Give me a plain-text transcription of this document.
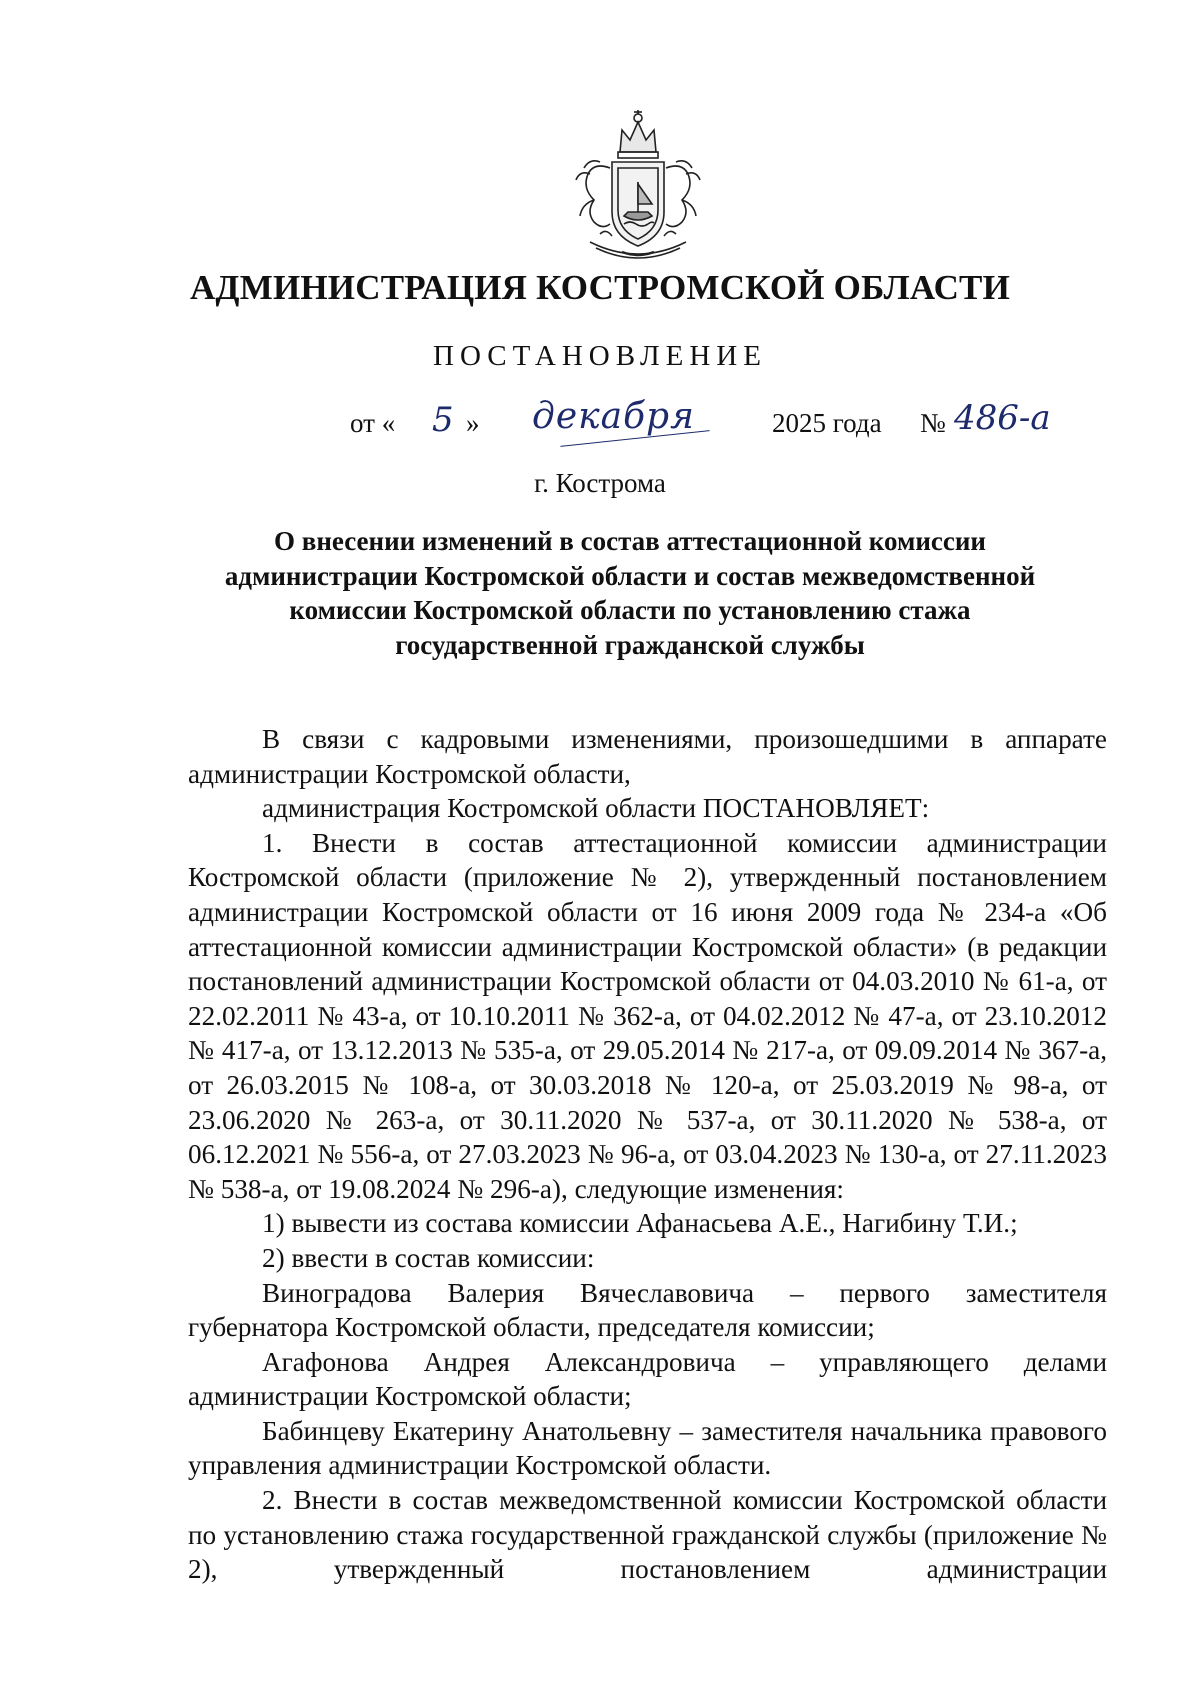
АДМИНИСТРАЦИЯ КОСТРОМСКОЙ ОБЛАСТИ
ПОСТАНОВЛЕНИЕ
от « 5 » декабря	2025 года № 486-а
г. Кострома
О внесении изменений в состав аттестационной комиссии
администрации Костромской области и состав межведомственной
комиссии Костромской области по установлению стажа
государственной гражданской службы

В связи с кадровыми изменениями, произошедшими в аппарате администрации Костромской области,

администрация Костромской области ПОСТАНОВЛЯЕТ:

1. Внести в состав аттестационной комиссии администрации Костромской области (приложение № 2), утвержденный постановлением администрации Костромской области от 16 июня 2009 года № 234-а «Об аттестационной комиссии администрации Костромской области» (в редакции постановлений администрации Костромской области от 04.03.2010 № 61-а, от 22.02.2011 № 43-а, от 10.10.2011 № 362-а, от 04.02.2012 № 47-а, от 23.10.2012 № 417-а, от 13.12.2013 № 535-а, от 29.05.2014 № 217-а, от 09.09.2014 № 367-а, от 26.03.2015 № 108-а, от 30.03.2018 № 120-а, от 25.03.2019 № 98-а, от 23.06.2020 № 263-а, от 30.11.2020 № 537-а, от 30.11.2020 № 538-а, от 06.12.2021 № 556-а, от 27.03.2023 № 96-а, от 03.04.2023 № 130-а, от 27.11.2023 № 538-а, от 19.08.2024 № 296-а), следующие изменения:

1) вывести из состава комиссии Афанасьева А.Е., Нагибину Т.И.;

2) ввести в состав комиссии:

Виноградова Валерия Вячеславовича – первого заместителя губернатора Костромской области, председателя комиссии;

Агафонова Андрея Александровича – управляющего делами администрации Костромской области;

Бабинцеву Екатерину Анатольевну – заместителя начальника правового управления администрации Костромской области.

2. Внести в состав межведомственной комиссии Костромской области по установлению стажа государственной гражданской службы (приложение № 2), утвержденный постановлением администрации
